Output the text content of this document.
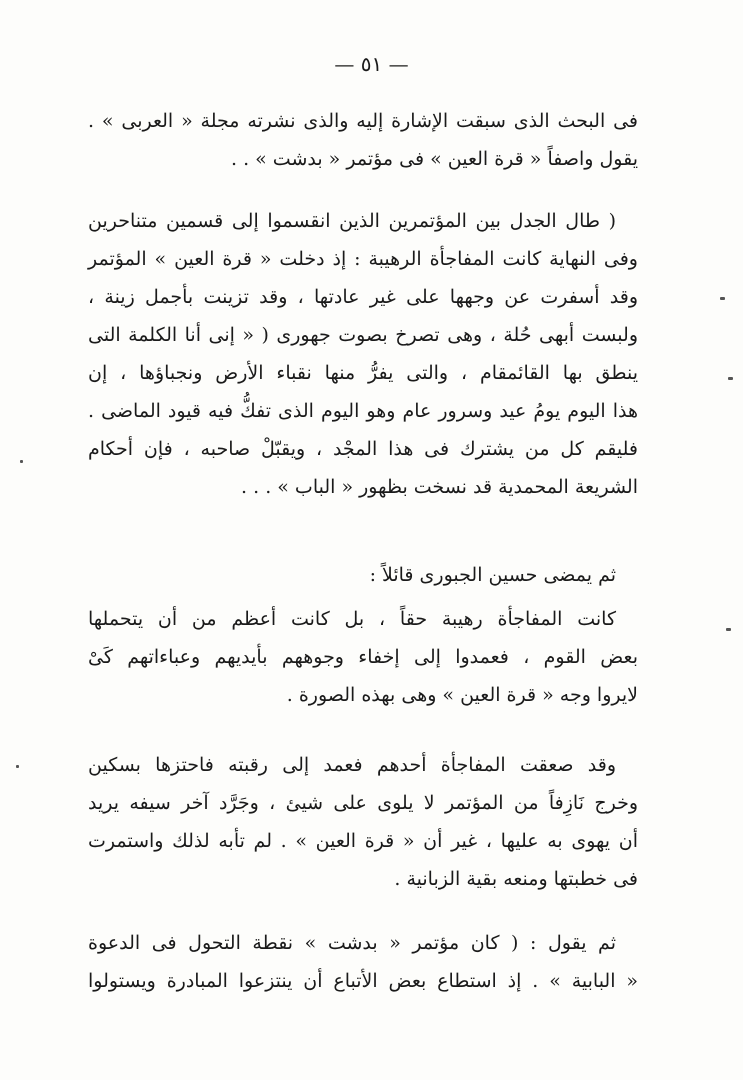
— ٥١ —
فى البحث الذى سبقت الإشارة إليه والذى نشرته مجلة « العربى » .
يقول واصفاً « قرة العين » فى مؤتمر « بدشت » . .
( طال الجدل بين المؤتمرين الذين انقسموا إلى قسمين متناحرين
وفى النهاية كانت المفاجأة الرهيبة : إذ دخلت « قرة العين » المؤتمر
وقد أسفرت عن وجهها على غير عادتها ، وقد تزينت بأجمل زينة ،
ولبست أبهى حُلة ، وهى تصرخ بصوت جهورى ( « إنى أنا الكلمة التى
ينطق بها القائمقام ، والتى يفرُّ منها نقباء الأرض ونجباؤها ، إن
هذا اليوم يومُ عيد وسرور عام وهو اليوم الذى تفكُّ فيه قيود الماضى .
فليقم كل من يشترك فى هذا المجْد ، ويقبّلْ صاحبه ، فإن أحكام
الشريعة المحمدية قد نسخت بظهور « الباب » . . .
ثم يمضى حسين الجبورى قائلاً :
كانت المفاجأة رهيبة حقاً ، بل كانت أعظم من أن يتحملها
بعض القوم ، فعمدوا إلى إخفاء وجوههم بأيديهم وعباءاتهم كَىْ
لايروا وجه « قرة العين » وهى بهذه الصورة .
وقد صعقت المفاجأة أحدهم فعمد إلى رقبته فاحتزها بسكين
وخرج نَازِفاً من المؤتمر لا يلوى على شيئ ، وجَرَّد آخر سيفه يريد
أن يهوى به عليها ، غير أن « قرة العين » . لم تأبه لذلك واستمرت
فى خطبتها ومنعه بقية الزبانية .
ثم يقول : ( كان مؤتمر « بدشت » نقطة التحول فى الدعوة
« البابية » . إذ استطاع بعض الأتباع أن ينتزعوا المبادرة ويستولوا
